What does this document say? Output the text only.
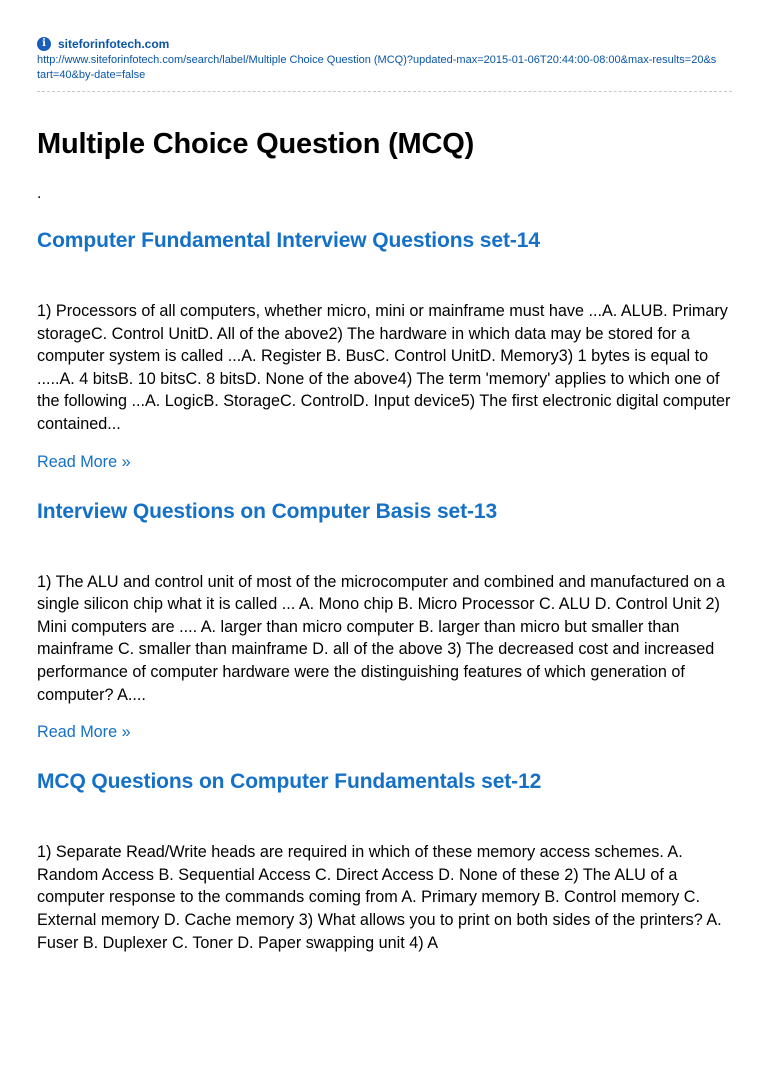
i	siteforinfotech.com
http://www.siteforinfotech.com/search/label/Multiple Choice Question (MCQ)?updated-max=2015-01-06T20:44:00-08:00&max-results=20&start=40&by-date=false
Multiple Choice Question (MCQ)
.
Computer Fundamental Interview Questions set-14
1) Processors of all computers, whether micro, mini or mainframe must have ...A. ALUB. Primary storageC. Control UnitD. All of the above2) The hardware in which data may be stored for a computer system is called ...A. Register B. BusC. Control UnitD. Memory3) 1 bytes is equal to .....A. 4 bitsB. 10 bitsC. 8 bitsD. None of the above4) The term 'memory' applies to which one of the following ...A. LogicB. StorageC. ControlD. Input device5) The first electronic digital computer contained...
Read More »
Interview Questions on Computer Basis set-13
1) The ALU and control unit of most of the microcomputer and combined and manufactured on a single silicon chip what it is called ... A. Mono chip B. Micro Processor C. ALU D. Control Unit 2) Mini computers are .... A. larger than micro computer B. larger than micro but smaller than mainframe C. smaller than mainframe D. all of the above 3) The decreased cost and increased performance of computer hardware were the distinguishing features of which generation of computer? A....
Read More »
MCQ Questions on Computer Fundamentals set-12
1) Separate Read/Write heads are required in which of these memory access schemes. A. Random Access B. Sequential Access C. Direct Access D. None of these 2) The ALU of a computer response to the commands coming from A. Primary memory B. Control memory C. External memory D. Cache memory 3) What allows you to print on both sides of the printers? A. Fuser B. Duplexer C. Toner D. Paper swapping unit 4) A
